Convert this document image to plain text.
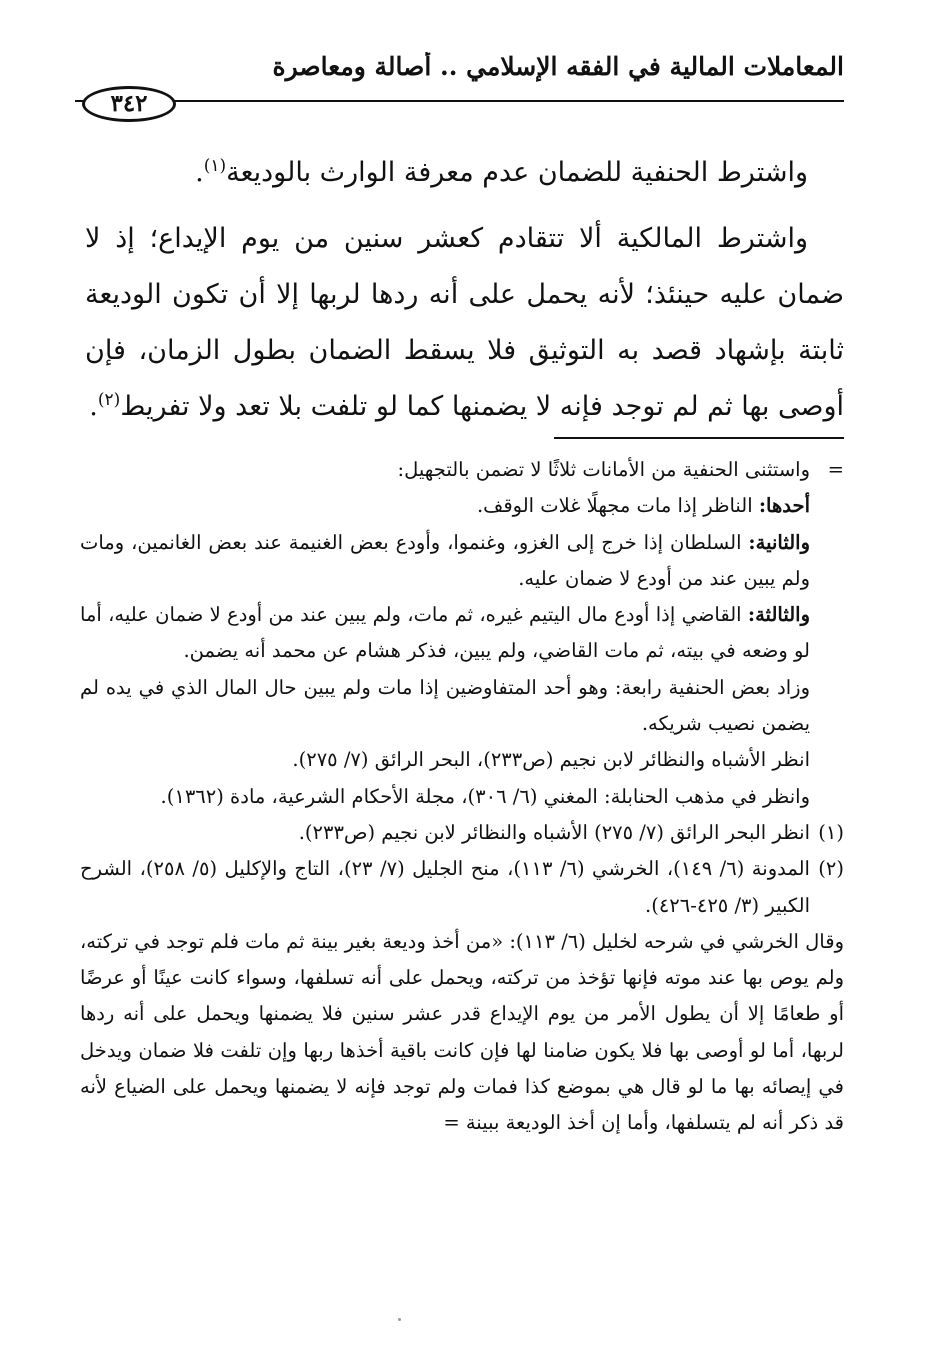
المعاملات المالية في الفقه الإسلامي .. أصالة ومعاصرة
٣٤٢

واشترط الحنفية للضمان عدم معرفة الوارث بالوديعة$^{(١)}$.

واشترط المالكية ألا تتقادم كعشر سنين من يوم الإيداع؛ إذ لا ضمان عليه حينئذ؛ لأنه يحمل على أنه ردها لربها إلا أن تكون الوديعة ثابتة بإشهاد قصد به التوثيق فلا يسقط الضمان بطول الزمان، فإن أوصى بها ثم لم توجد فإنه لا يضمنها كما لو تلفت بلا تعد ولا تفريط$^{(٢)}$.

=
واستثنى الحنفية من الأمانات ثلاثًا لا تضمن بالتجهيل:

أحدها: الناظر إذا مات مجهلًا غلات الوقف.

والثانية: السلطان إذا خرج إلى الغزو، وغنموا، وأودع بعض الغنيمة عند بعض الغانمين، ومات ولم يبين عند من أودع لا ضمان عليه.

والثالثة: القاضي إذا أودع مال اليتيم غيره، ثم مات، ولم يبين عند من أودع لا ضمان عليه، أما لو وضعه في بيته، ثم مات القاضي، ولم يبين، فذكر هشام عن محمد أنه يضمن.

وزاد بعض الحنفية رابعة: وهو أحد المتفاوضين إذا مات ولم يبين حال المال الذي في يده لم يضمن نصيب شريكه.

انظر الأشباه والنظائر لابن نجيم (ص٢٣٣)، البحر الرائق (٧/ ٢٧٥).

وانظر في مذهب الحنابلة: المغني (٦/ ٣٠٦)، مجلة الأحكام الشرعية، مادة (١٣٦٢).

(١)
انظر البحر الرائق (٧/ ٢٧٥) الأشباه والنظائر لابن نجيم (ص٢٣٣).

(٢)
المدونة (٦/ ١٤٩)، الخرشي (٦/ ١١٣)، منح الجليل (٧/ ٢٣)، التاج والإكليل (٥/ ٢٥٨)، الشرح الكبير (٣/ ٤٢٥-٤٢٦).

وقال الخرشي في شرحه لخليل (٦/ ١١٣): «من أخذ وديعة بغير بينة ثم مات فلم توجد في تركته، ولم يوص بها عند موته فإنها تؤخذ من تركته، ويحمل على أنه تسلفها، وسواء كانت عينًا أو عرضًا أو طعامًا إلا أن يطول الأمر من يوم الإيداع قدر عشر سنين فلا يضمنها ويحمل على أنه ردها لربها، أما لو أوصى بها فلا يكون ضامنا لها فإن كانت باقية أخذها ربها وإن تلفت فلا ضمان ويدخل في إيصائه بها ما لو قال هي بموضع كذا فمات ولم توجد فإنه لا يضمنها ويحمل على الضياع لأنه قد ذكر أنه لم يتسلفها، وأما إن أخذ الوديعة ببينة =
